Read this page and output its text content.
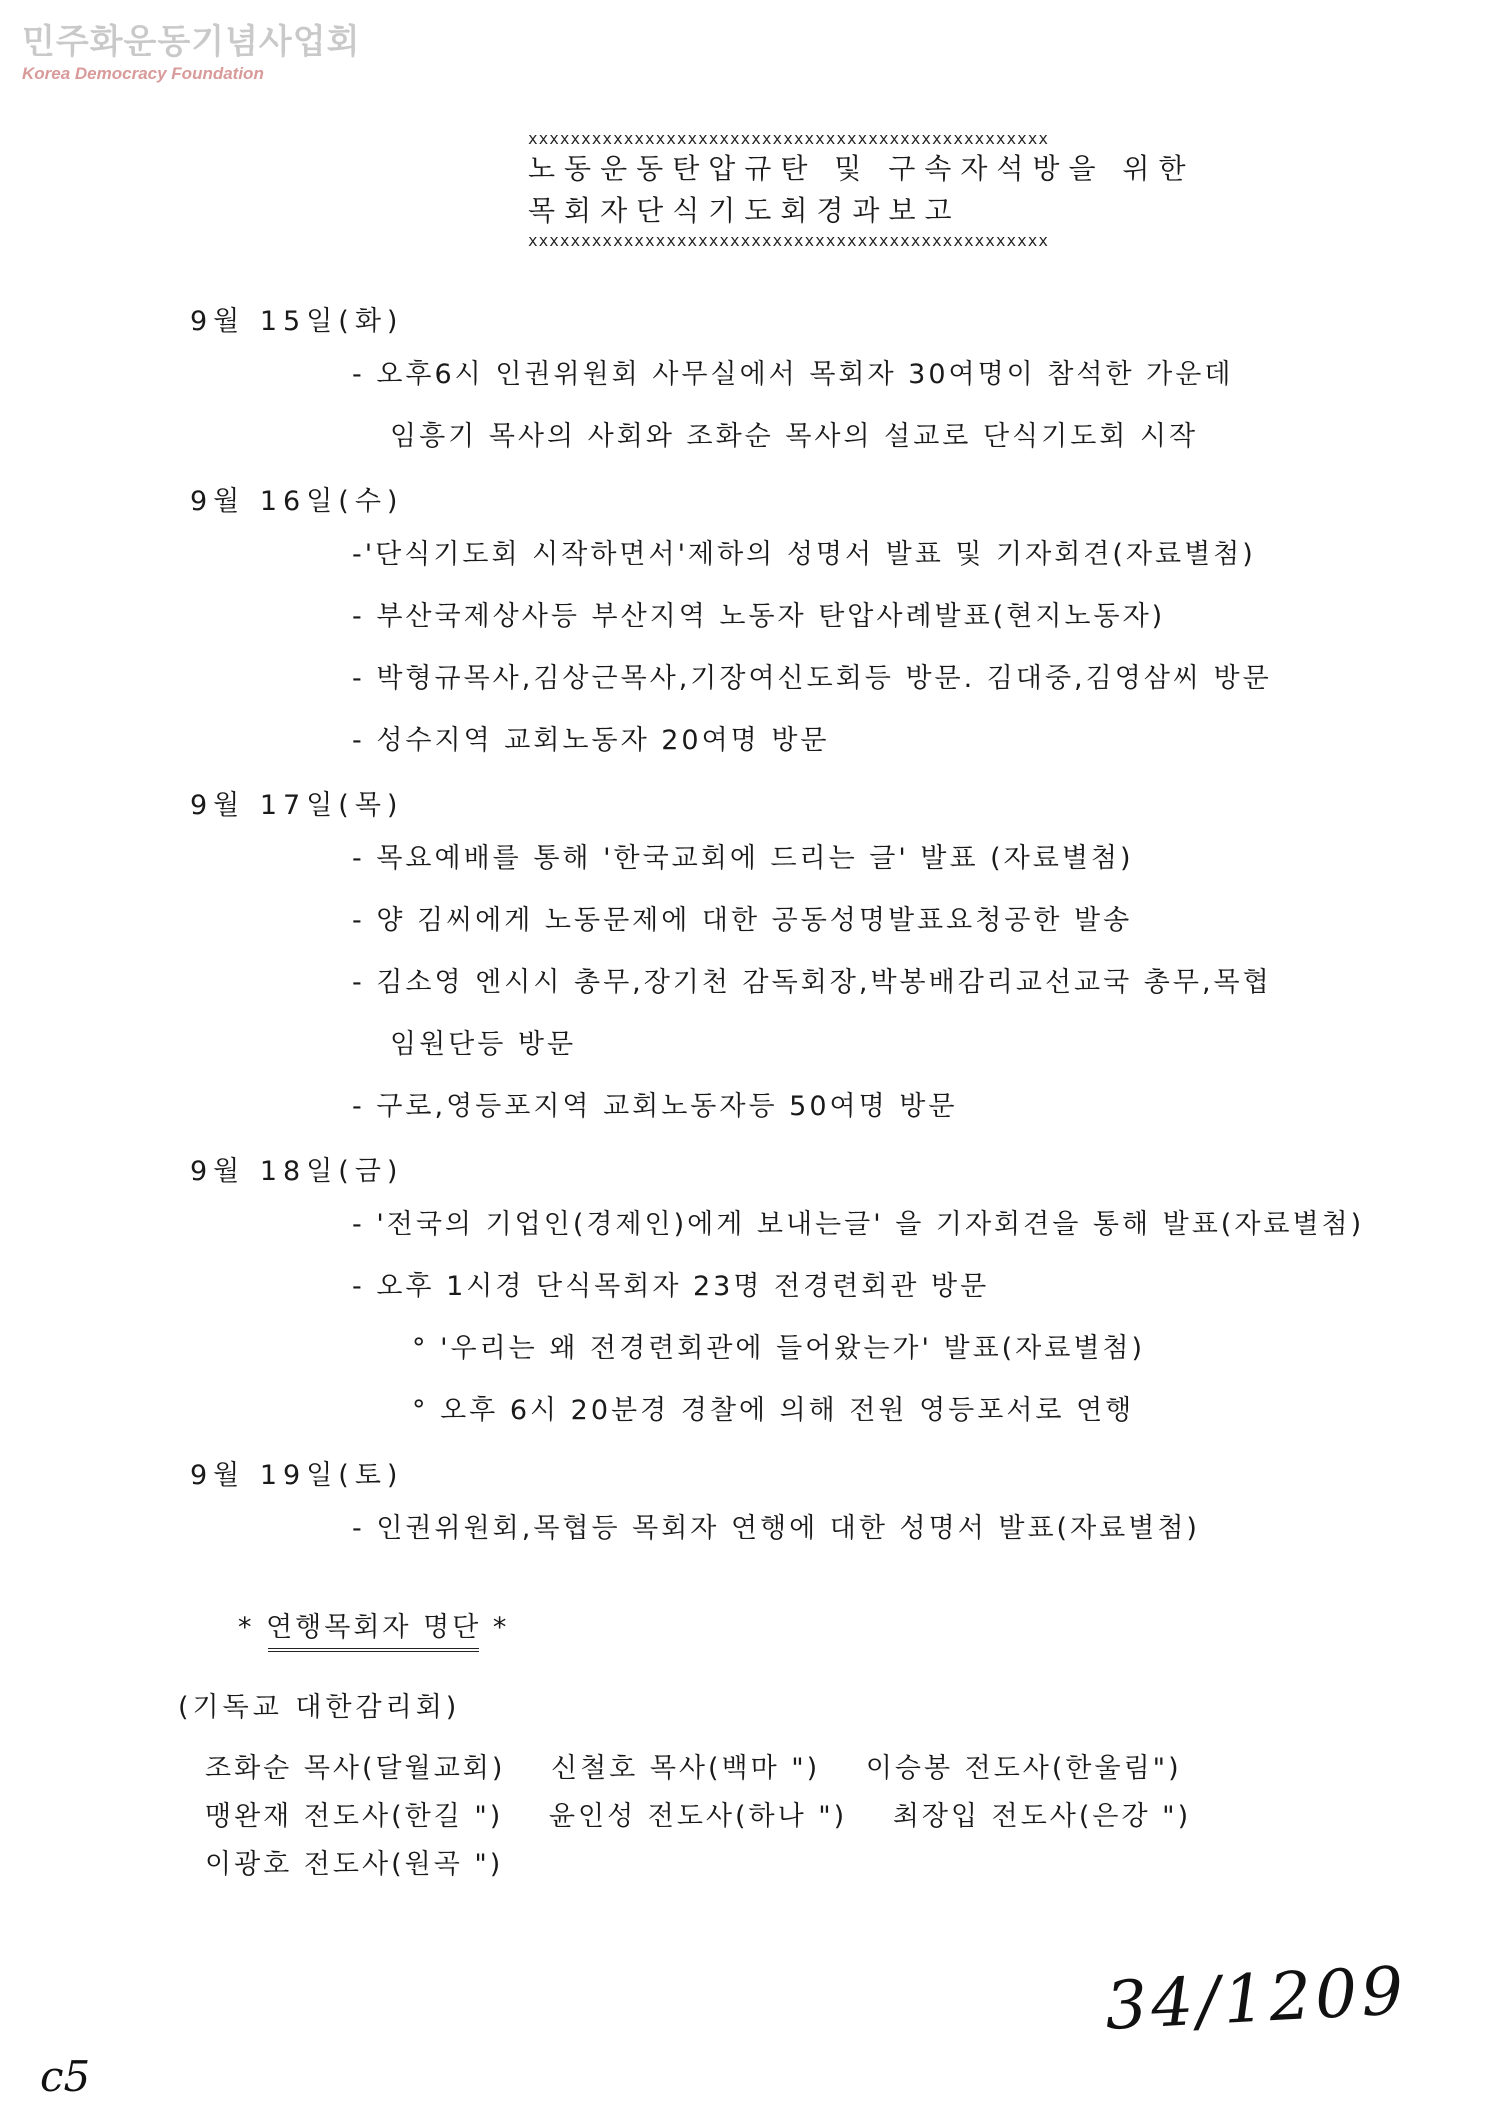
민주화운동기념사업회
Korea Democracy Foundation
xxxxxxxxxxxxxxxxxxxxxxxxxxxxxxxxxxxxxxxxxxxxxxxxx
노동운동탄압규탄 및 구속자석방을 위한
목회자단식기도회경과보고
xxxxxxxxxxxxxxxxxxxxxxxxxxxxxxxxxxxxxxxxxxxxxxxxx
9월 15일(화)
- 오후6시 인권위원회 사무실에서 목회자 30여명이 참석한 가운데
임흥기 목사의 사회와 조화순 목사의 설교로 단식기도회 시작
9월 16일(수)
-'단식기도회 시작하면서'제하의 성명서 발표 및 기자회견(자료별첨)
- 부산국제상사등 부산지역 노동자 탄압사례발표(현지노동자)
- 박형규목사,김상근목사,기장여신도회등 방문. 김대중,김영삼씨 방문
- 성수지역 교회노동자 20여명 방문
9월 17일(목)
- 목요예배를 통해 '한국교회에 드리는 글' 발표 (자료별첨)
- 양 김씨에게 노동문제에 대한 공동성명발표요청공한 발송
- 김소영 엔시시 총무,장기천 감독회장,박봉배감리교선교국 총무,목협
임원단등 방문
- 구로,영등포지역 교회노동자등 50여명 방문
9월 18일(금)
- '전국의 기업인(경제인)에게 보내는글' 을 기자회견을 통해 발표(자료별첨)
- 오후 1시경 단식목회자 23명 전경련회관 방문
° '우리는 왜 전경련회관에 들어왔는가' 발표(자료별첨)
° 오후 6시 20분경 경찰에 의해 전원 영등포서로 연행
9월 19일(토)
- 인권위원회,목협등 목회자 연행에 대한 성명서 발표(자료별첨)
* 연행목회자 명단 *
(기독교 대한감리회)
조화순 목사(달월교회) 신철호 목사(백마 ") 이승봉 전도사(한울림")
맹완재 전도사(한길 ") 윤인성 전도사(하나 ") 최장입 전도사(은강 ")
이광호 전도사(원곡 ")
34/1209
c5
